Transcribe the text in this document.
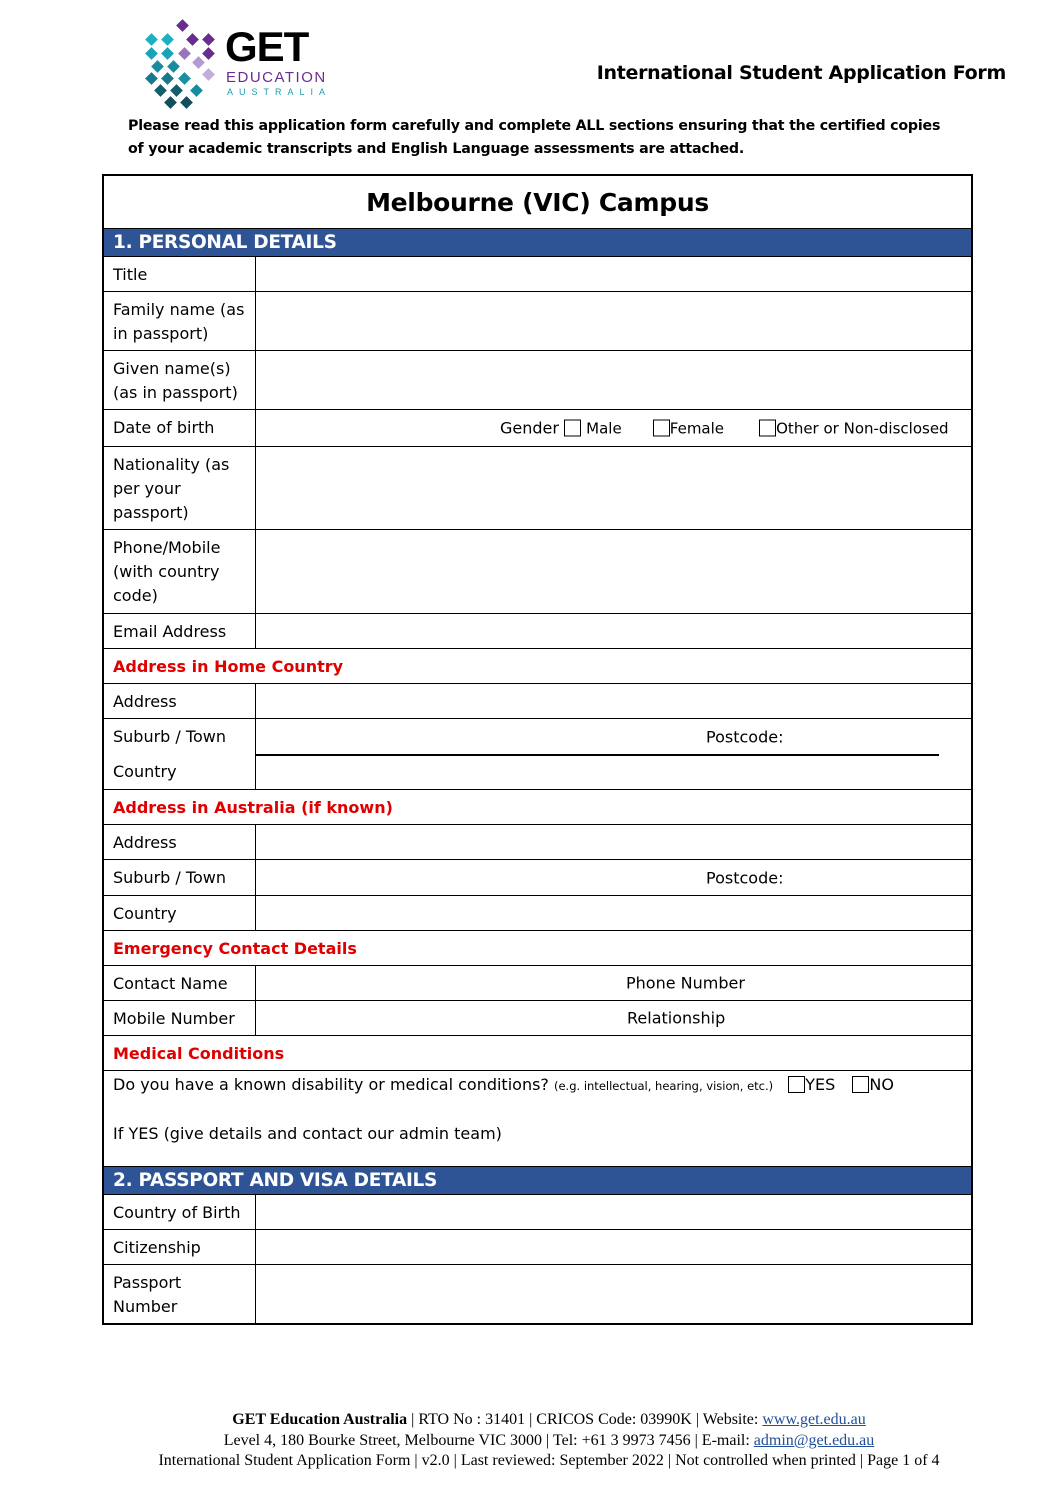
GET
EDUCATION
AUSTRALIA
International Student Application Form
Please read this application form carefully and complete ALL sections ensuring that the certified copies of your academic transcripts and English Language assessments are attached.
Melbourne (VIC) Campus
1. PERSONAL DETAILS
Title
Family name (as in passport)
Given name(s) (as in passport)
Date of birth	Gender Male	Female	Other or Non-disclosed
Nationality (as per your passport)
Phone/Mobile (with country code)
Email Address
Address in Home Country
Address
Suburb / Town	Postcode:
Country
Address in Australia (if known)
Address
Suburb / Town	Postcode:
Country
Emergency Contact Details
Contact Name	Phone Number
Mobile Number	Relationship
Medical Conditions
Do you have a known disability or medical conditions? (e.g. intellectual, hearing, vision, etc.) YES NO
If YES (give details and contact our admin team)
2. PASSPORT AND VISA DETAILS
Country of Birth
Citizenship
Passport Number
GET Education Australia | RTO No : 31401 | CRICOS Code: 03990K | Website: www.get.edu.au
Level 4, 180 Bourke Street, Melbourne VIC 3000 | Tel: +61 3 9973 7456 | E-mail: admin@get.edu.au
International Student Application Form | v2.0 | Last reviewed: September 2022 | Not controlled when printed | Page 1 of 4
